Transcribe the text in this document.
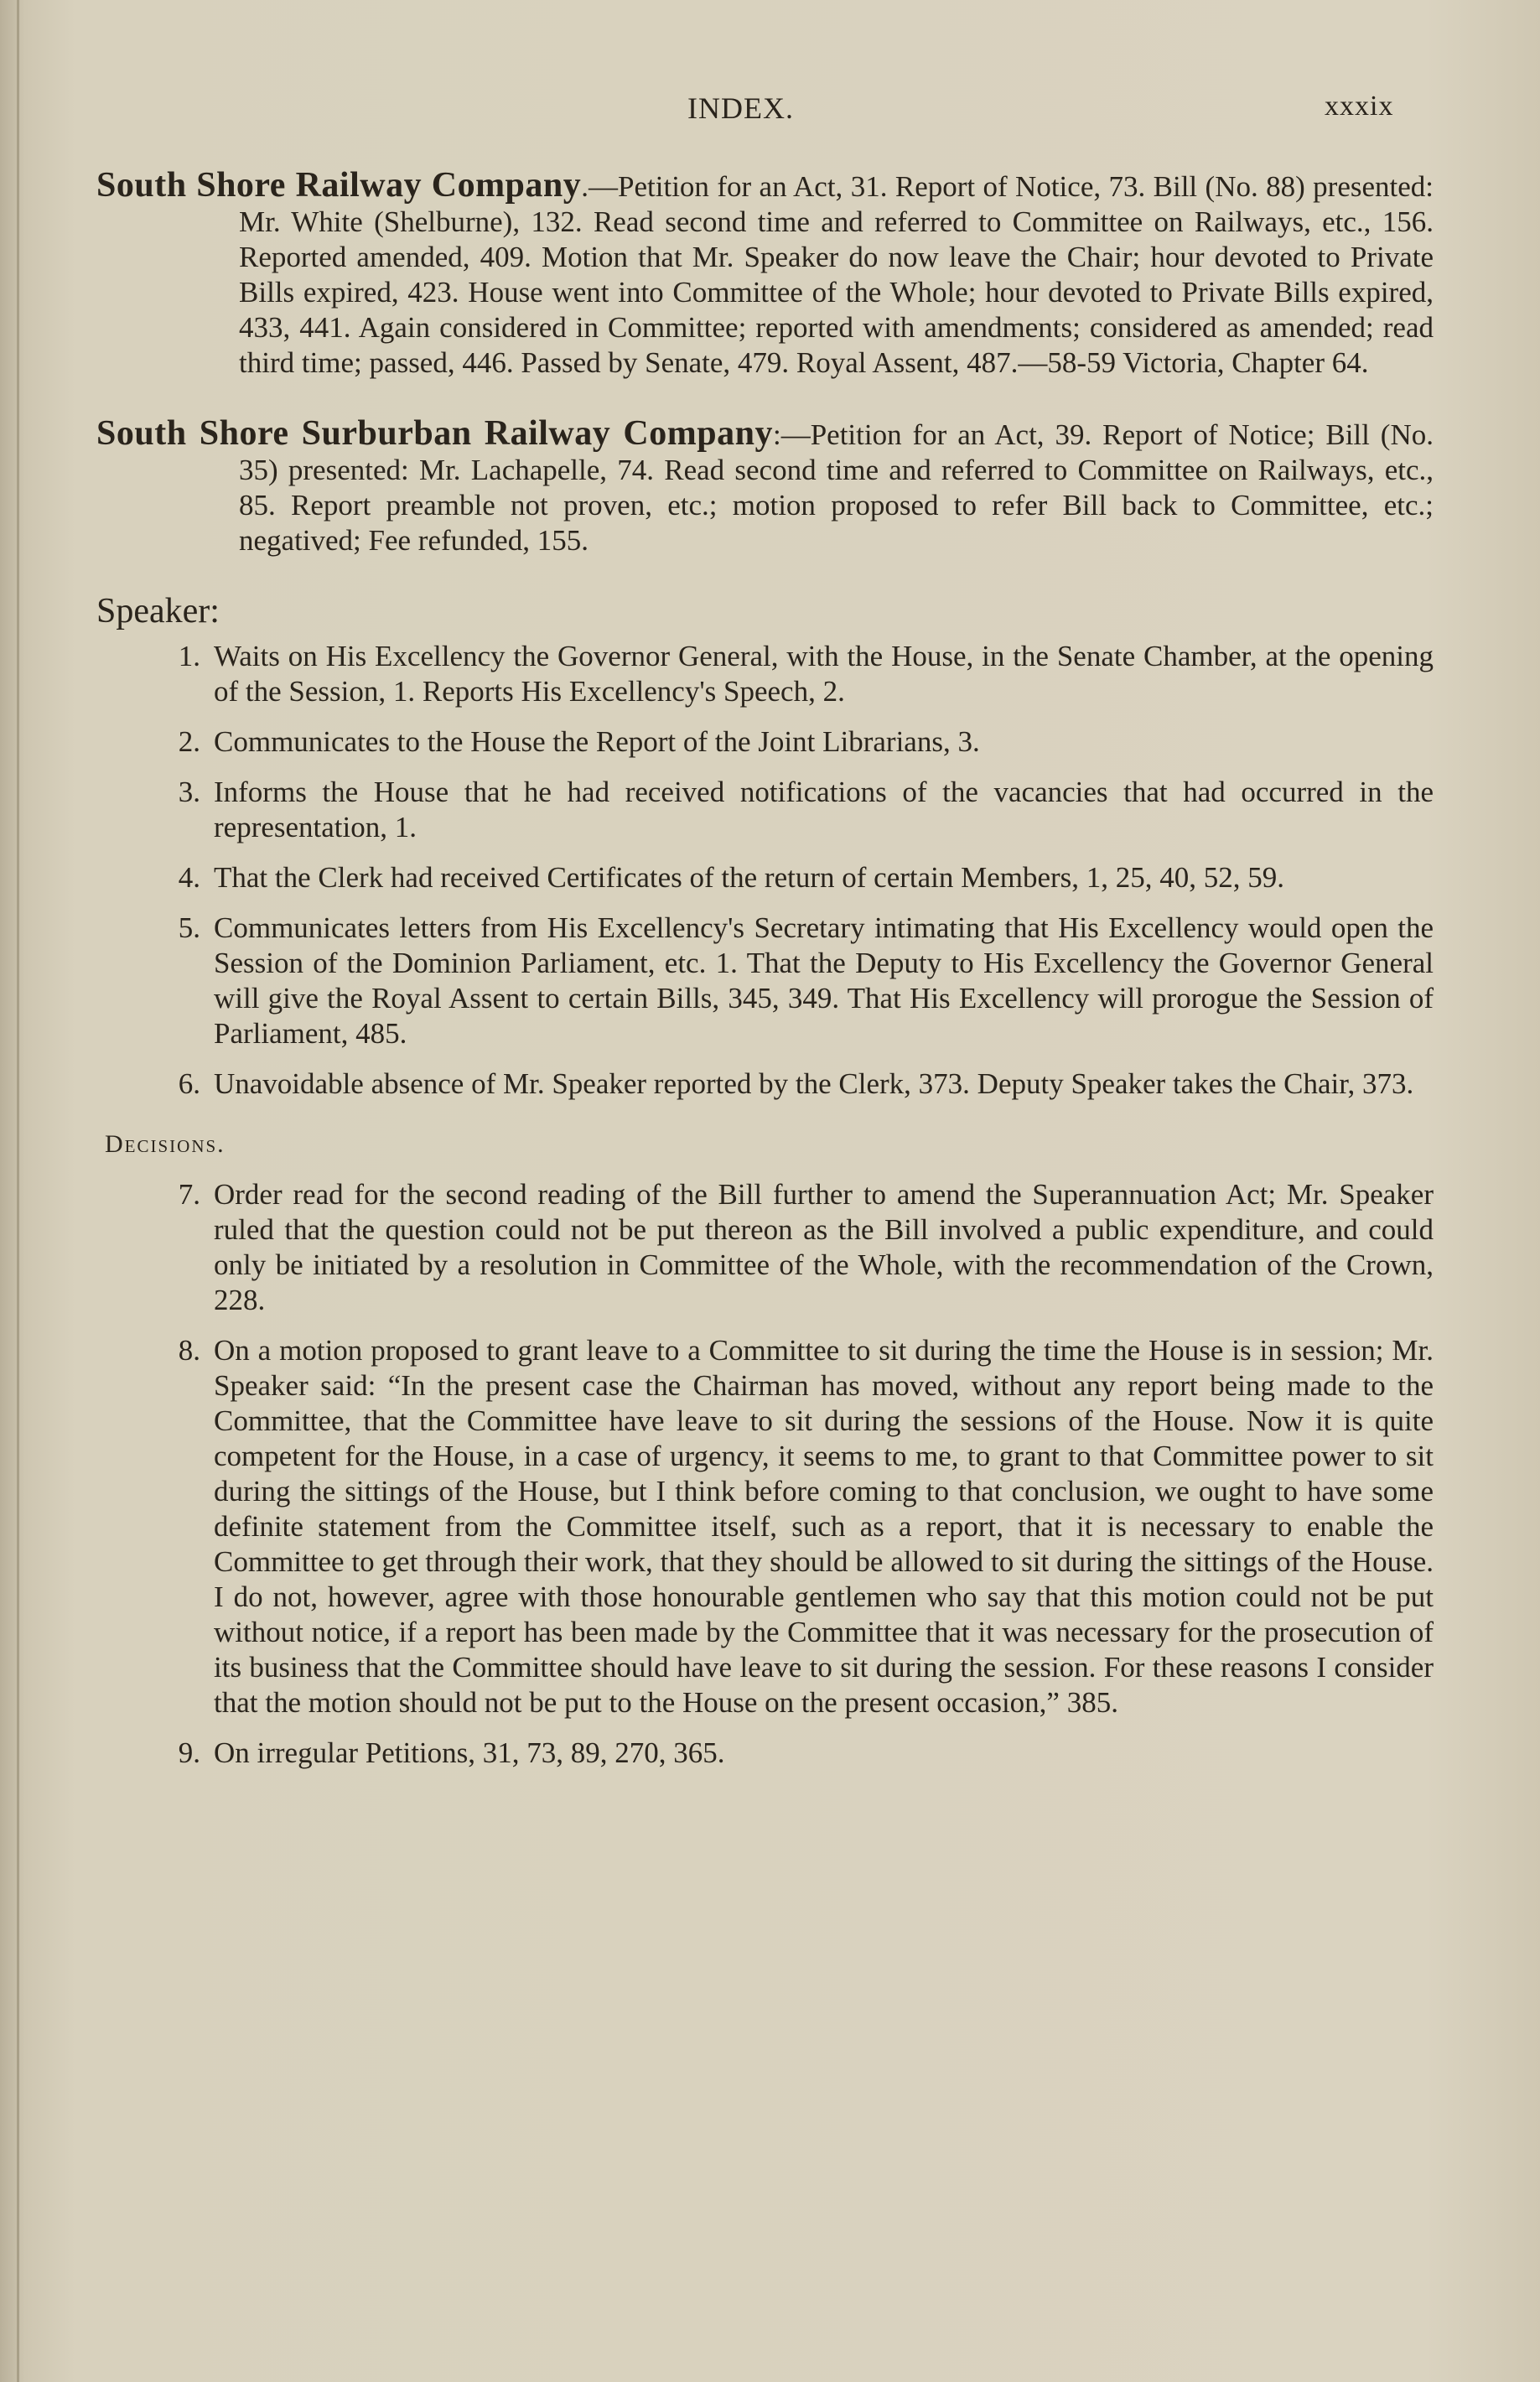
INDEX.	xxxix

South Shore Railway Company.—Petition for an Act, 31. Report of Notice, 73. Bill (No. 88) presented: Mr. White (Shelburne), 132. Read second time and referred to Committee on Railways, etc., 156. Reported amended, 409. Motion that Mr. Speaker do now leave the Chair; hour devoted to Private Bills expired, 423. House went into Committee of the Whole; hour devoted to Private Bills expired, 433, 441. Again considered in Committee; reported with amendments; considered as amended; read third time; passed, 446. Passed by Senate, 479. Royal Assent, 487.—58-59 Victoria, Chapter 64.

South Shore Surburban Railway Company:—Petition for an Act, 39. Report of Notice; Bill (No. 35) presented: Mr. Lachapelle, 74. Read second time and referred to Committee on Railways, etc., 85. Report preamble not proven, etc.; motion proposed to refer Bill back to Committee, etc.; negatived; Fee refunded, 155.

Speaker:
1. Waits on His Excellency the Governor General, with the House, in the Senate Chamber, at the opening of the Session, 1. Reports His Excellency's Speech, 2.
2. Communicates to the House the Report of the Joint Librarians, 3.
3. Informs the House that he had received notifications of the vacancies that had occurred in the representation, 1.
4. That the Clerk had received Certificates of the return of certain Members, 1, 25, 40, 52, 59.
5. Communicates letters from His Excellency's Secretary intimating that His Excellency would open the Session of the Dominion Parliament, etc. 1. That the Deputy to His Excellency the Governor General will give the Royal Assent to certain Bills, 345, 349. That His Excellency will prorogue the Session of Parliament, 485.
6. Unavoidable absence of Mr. Speaker reported by the Clerk, 373. Deputy Speaker takes the Chair, 373.
Decisions.
7. Order read for the second reading of the Bill further to amend the Superannuation Act; Mr. Speaker ruled that the question could not be put thereon as the Bill involved a public expenditure, and could only be initiated by a resolution in Committee of the Whole, with the recommendation of the Crown, 228.
8. On a motion proposed to grant leave to a Committee to sit during the time the House is in session; Mr. Speaker said: “In the present case the Chairman has moved, without any report being made to the Committee, that the Committee have leave to sit during the sessions of the House. Now it is quite competent for the House, in a case of urgency, it seems to me, to grant to that Committee power to sit during the sittings of the House, but I think before coming to that conclusion, we ought to have some definite statement from the Committee itself, such as a report, that it is necessary to enable the Committee to get through their work, that they should be allowed to sit during the sittings of the House. I do not, however, agree with those honourable gentlemen who say that this motion could not be put without notice, if a report has been made by the Committee that it was necessary for the prosecution of its business that the Committee should have leave to sit during the session. For these reasons I consider that the motion should not be put to the House on the present occasion,” 385.
9. On irregular Petitions, 31, 73, 89, 270, 365.
